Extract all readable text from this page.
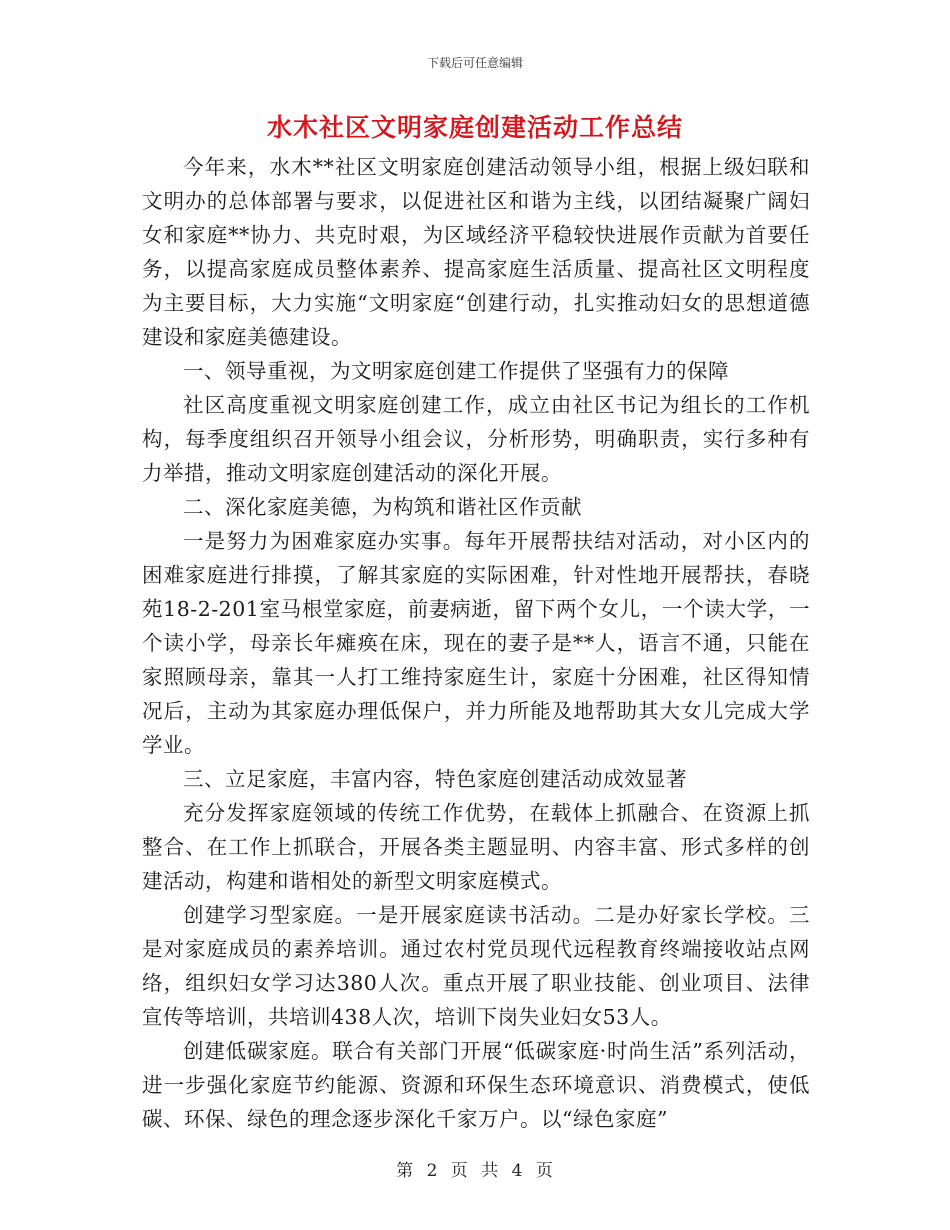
下载后可任意编辑
水木社区文明家庭创建活动工作总结

今年来，水木**社区文明家庭创建活动领导小组，根据上级妇联和文明办的总体部署与要求，以促进社区和谐为主线，以团结凝聚广阔妇女和家庭**协力、共克时艰，为区域经济平稳较快进展作贡献为首要任务，以提高家庭成员整体素养、提高家庭生活质量、提高社区文明程度为主要目标，大力实施“文明家庭“创建行动，扎实推动妇女的思想道德建设和家庭美德建设。

一、领导重视，为文明家庭创建工作提供了坚强有力的保障

社区高度重视文明家庭创建工作，成立由社区书记为组长的工作机构，每季度组织召开领导小组会议，分析形势，明确职责，实行多种有力举措，推动文明家庭创建活动的深化开展。

二、深化家庭美德，为构筑和谐社区作贡献

一是努力为困难家庭办实事。每年开展帮扶结对活动，对小区内的困难家庭进行排摸，了解其家庭的实际困难，针对性地开展帮扶，春晓苑18-2-201室马根堂家庭，前妻病逝，留下两个女儿，一个读大学，一个读小学，母亲长年瘫痪在床，现在的妻子是**人，语言不通，只能在家照顾母亲，靠其一人打工维持家庭生计，家庭十分困难，社区得知情况后，主动为其家庭办理低保户，并力所能及地帮助其大女儿完成大学学业。

三、立足家庭，丰富内容，特色家庭创建活动成效显著

充分发挥家庭领域的传统工作优势，在载体上抓融合、在资源上抓整合、在工作上抓联合，开展各类主题显明、内容丰富、形式多样的创建活动，构建和谐相处的新型文明家庭模式。

创建学习型家庭。一是开展家庭读书活动。二是办好家长学校。三是对家庭成员的素养培训。通过农村党员现代远程教育终端接收站点网络，组织妇女学习达380人次。重点开展了职业技能、创业项目、法律宣传等培训，共培训438人次，培训下岗失业妇女53人。

创建低碳家庭。联合有关部门开展“低碳家庭·时尚生活”系列活动，进一步强化家庭节约能源、资源和环保生态环境意识、消费模式，使低碳、环保、绿色的理念逐步深化千家万户。以“绿色家庭”

第 2 页 共 4 页
